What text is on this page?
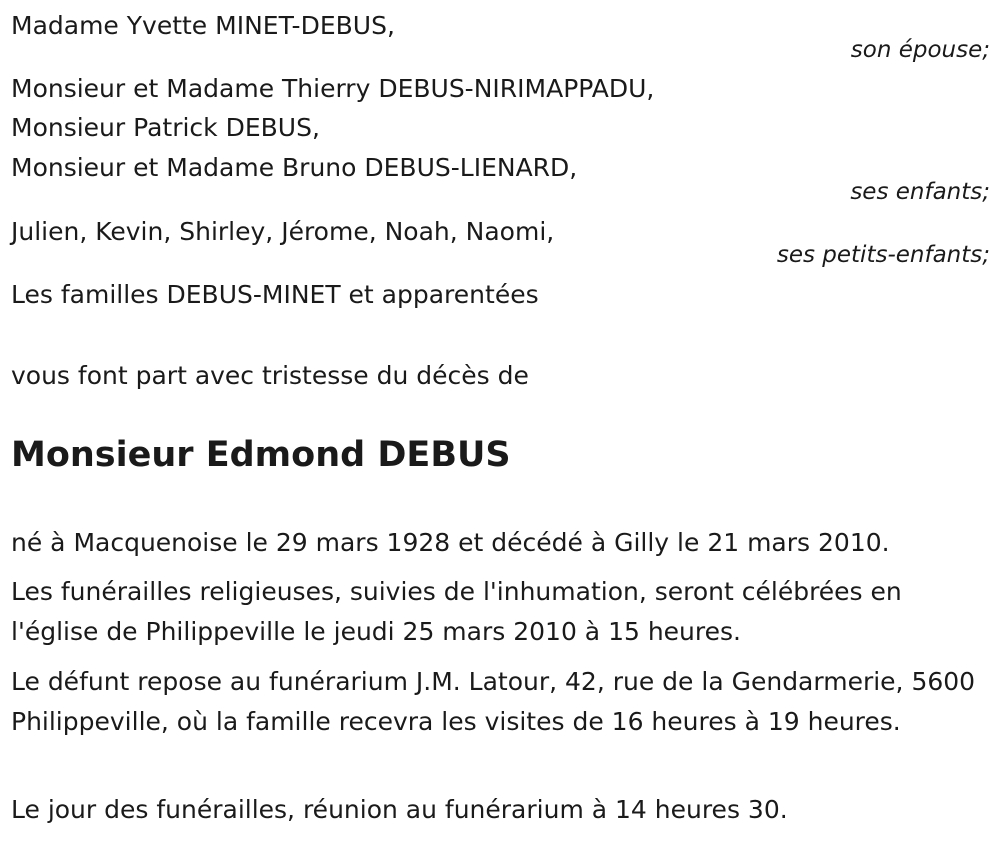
Madame Yvette MINET-DEBUS,
son épouse;
Monsieur et Madame Thierry DEBUS-NIRIMAPPADU,
Monsieur Patrick DEBUS,
Monsieur et Madame Bruno DEBUS-LIENARD,
ses enfants;
Julien, Kevin, Shirley, Jérome, Noah, Naomi,
ses petits-enfants;
Les familles DEBUS-MINET et apparentées
vous font part avec tristesse du décès de
Monsieur Edmond DEBUS
né à Macquenoise le 29 mars 1928 et décédé à Gilly le 21 mars 2010.
Les funérailles religieuses, suivies de l'inhumation, seront célébrées en l'église de Philippeville le jeudi 25 mars 2010 à 15 heures.
Le défunt repose au funérarium J.M. Latour, 42, rue de la Gendarmerie, 5600 Philippeville, où la famille recevra les visites de 16 heures à 19 heures.
Le jour des funérailles, réunion au funérarium à 14 heures 30.
